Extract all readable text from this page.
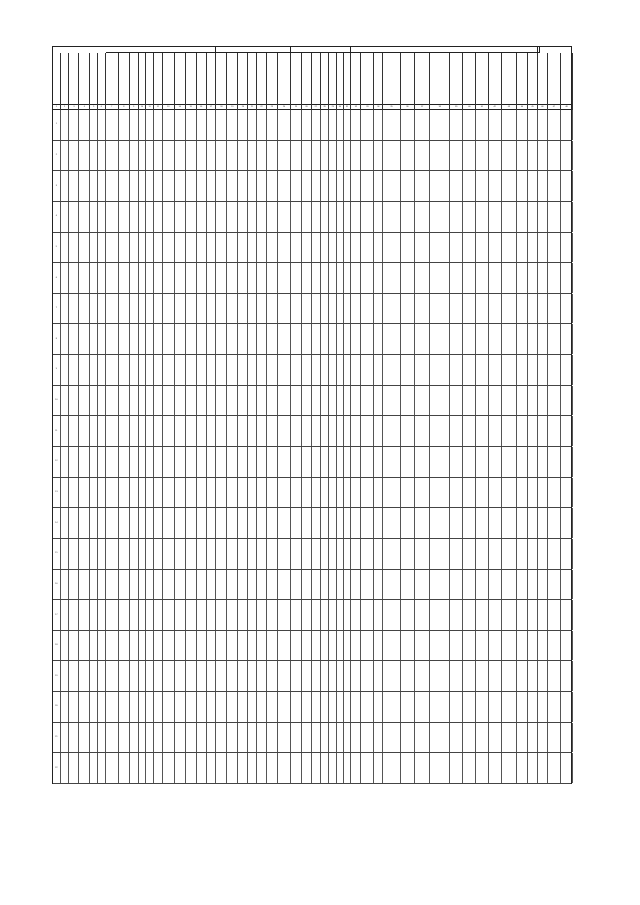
1	2	3	4	5	6	7	8	9	10	11	12	13	14	15	16	17	18	19	20	21	22	23	24	25	26	27	28	29	30	31	32	33	34	35	36	37	38	39	40	41	42	43	44	45	46	47	48
1
2
3
4
5
6
7
8
9
10
11
12
13
14
15
16
17
18
19
20
21
22
